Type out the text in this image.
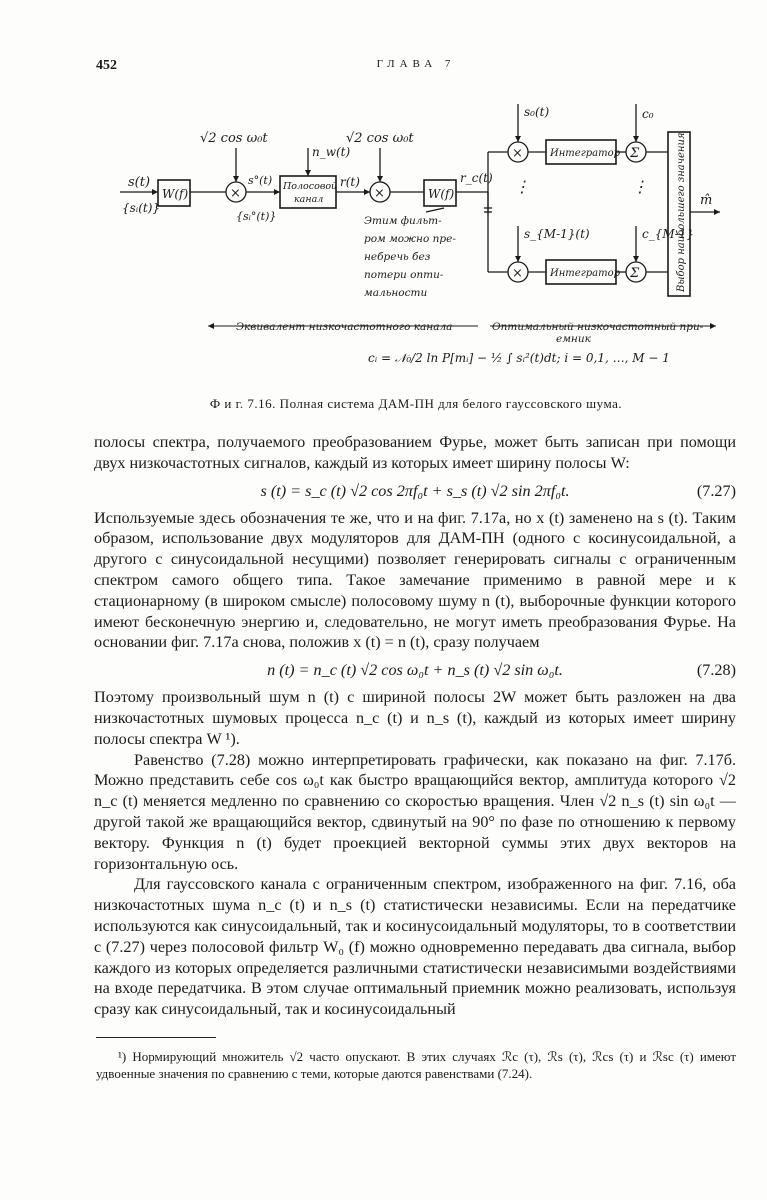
452	ГЛАВА 7
s(t)
{sᵢ(t)}
W(f)	×
√2 cos ω₀t
s°(t)
{sᵢ°(t)}
Полосовой
канал
n_w(t)
r(t)
×
√2 cos ω₀t
W(f)
r_c(t)
Этим фильт-
ром можно пре-
небречь без
потери опти-
мальности
×
s₀(t)
Интегратор Σ
c₀
⋮	⋮
×
s_{M-1}(t)
Интегратор Σ
c_{M-1}
Выбор наибольшего значения m̂
Эквивалент низкочастотного канала	Оптимальный низкочастотный при-
емник
cᵢ = 𝒩₀/2 ln P[mᵢ] − ½ ∫ sᵢ²(t)dt; i = 0,1, …, M − 1
Ф и г. 7.16. Полная система ДАМ-ПН для белого гауссовского шума.

полосы спектра, получаемого преобразованием Фурье, может быть записан при помощи двух низкочастотных сигналов, каждый из которых имеет ширину полосы W:

s (t) = s_c (t) √2 cos 2πf₀t + s_s (t) √2 sin 2πf₀t.	(7.27)

Используемые здесь обозначения те же, что и на фиг. 7.17а, но x (t) заменено на s (t). Таким образом, использование двух модуляторов для ДАМ-ПН (одного с косинусоидальной, а другого с синусоидальной несущими) позволяет генерировать сигналы с ограниченным спектром самого общего типа. Такое замечание применимо в равной мере и к стационарному (в широком смысле) полосовому шуму n (t), выборочные функции которого имеют бесконечную энергию и, следовательно, не могут иметь преобразования Фурье. На основании фиг. 7.17а снова, положив x (t) = n (t), сразу получаем

n (t) = n_c (t) √2 cos ω₀t + n_s (t) √2 sin ω₀t.	(7.28)

Поэтому произвольный шум n (t) с шириной полосы 2W может быть разложен на два низкочастотных шумовых процесса n_c (t) и n_s (t), каждый из которых имеет ширину полосы спектра W ¹).

Равенство (7.28) можно интерпретировать графически, как показано на фиг. 7.17б. Можно представить себе cos ω₀t как быстро вращающийся вектор, амплитуда которого √2 n_c (t) меняется медленно по сравнению со скоростью вращения. Член √2 n_s (t) sin ω₀t — другой такой же вращающийся вектор, сдвинутый на 90° по фазе по отношению к первому вектору. Функция n (t) будет проекцией векторной суммы этих двух векторов на горизонтальную ось.

Для гауссовского канала с ограниченным спектром, изображенного на фиг. 7.16, оба низкочастотных шума n_c (t) и n_s (t) статистически независимы. Если на передатчике используются как синусоидальный, так и косинусоидальный модуляторы, то в соответствии с (7.27) через полосовой фильтр W₀ (f) можно одновременно передавать два сигнала, выбор каждого из которых определяется различными статистически независимыми воздействиями на входе передатчика. В этом случае оптимальный приемник можно реализовать, используя сразу как синусоидальный, так и косинусоидальный

¹) Нормирующий множитель √2 часто опускают. В этих случаях ℛc (τ), ℛs (τ), ℛcs (τ) и ℛsc (τ) имеют удвоенные значения по сравнению с теми, которые даются равенствами (7.24).
